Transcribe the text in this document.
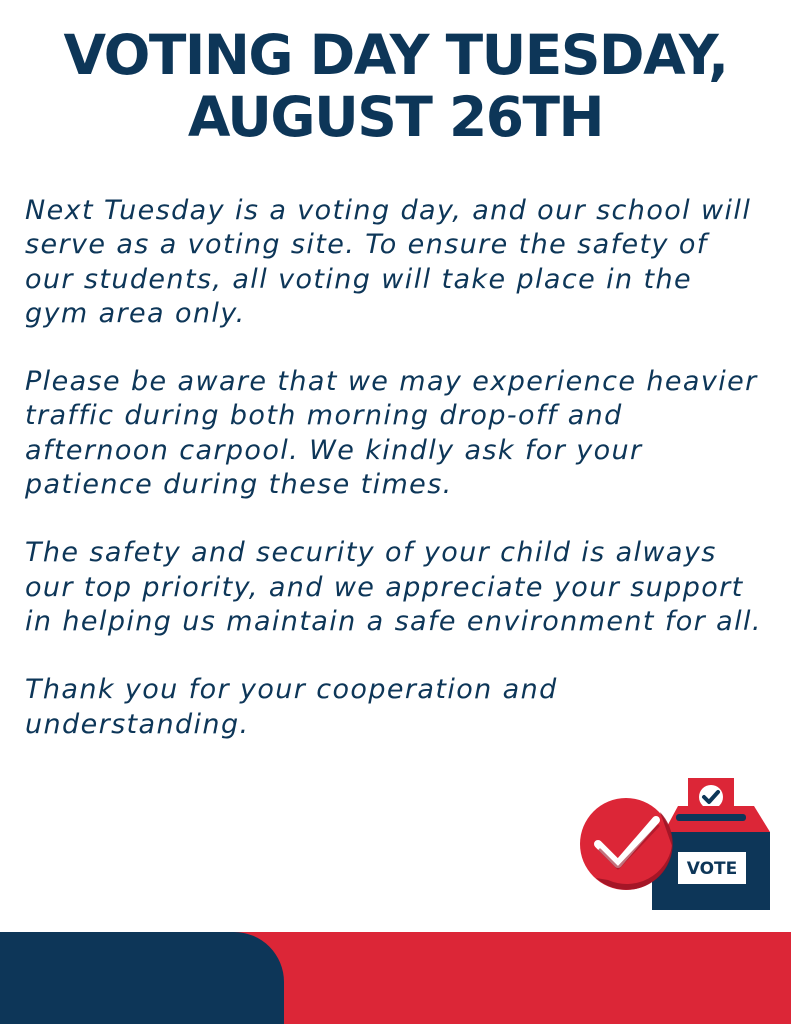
VOTING DAY TUESDAY,
AUGUST 26TH

Next Tuesday is a voting day, and our school will serve as a voting site. To ensure the safety of our students, all voting will take place in the gym area only.

Please be aware that we may experience heavier traffic during both morning drop-off and afternoon carpool. We kindly ask for your patience during these times.

The safety and security of your child is always our top priority, and we appreciate your support in helping us maintain a safe environment for all.

Thank you for your cooperation and understanding.

VOTE
